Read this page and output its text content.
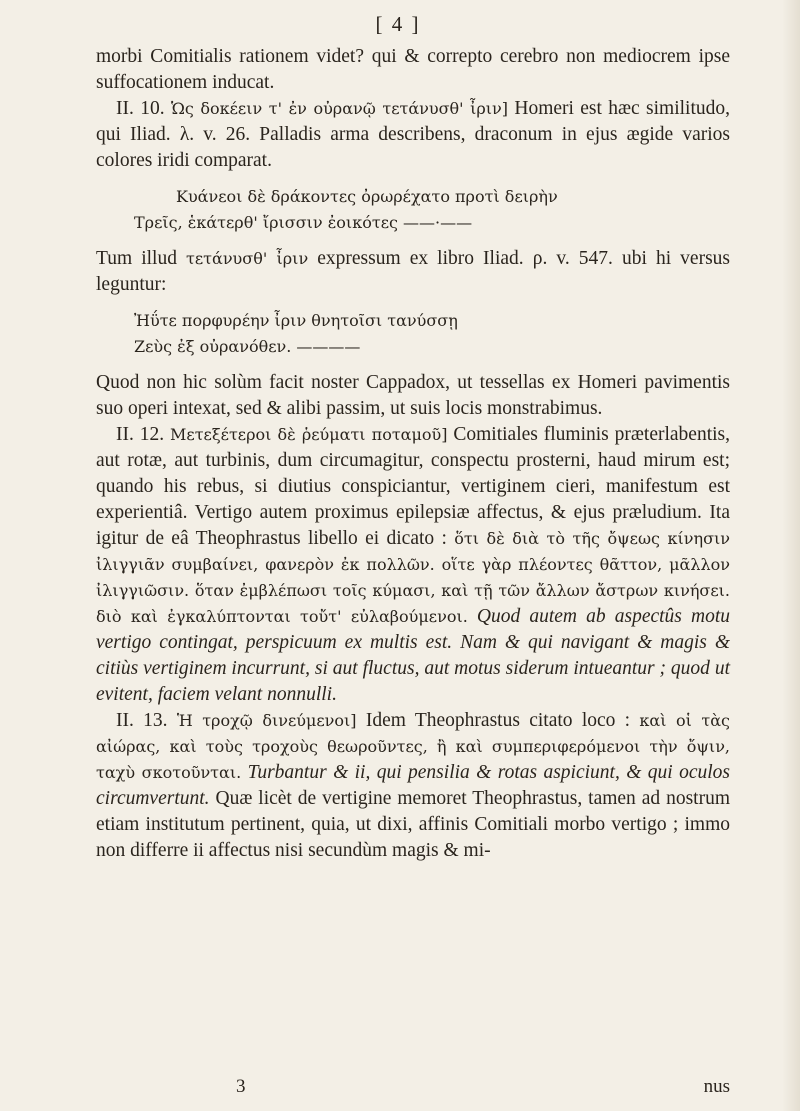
[ 4 ]

morbi Comitialis rationem videt? qui & correpto cerebro non mediocrem ipse suffocationem inducat.

II. 10. Ὡς δοκέειν τ' ἐν οὐρανῷ τετάνυσθ' ἶριν] Homeri est hæc similitudo, qui Iliad. λ. v. 26. Palladis arma describens, draconum in ejus ægide varios colores iridi comparat.

Κυάνεοι δὲ δράκοντες ὀρωρέχατο προτὶ δειρὴν

Τρεῖς, ἑκάτερθ' ἴρισσιν ἐοικότες ——·——

Tum illud τετάνυσθ' ἶριν expressum ex libro Iliad. ρ. v. 547. ubi hi versus leguntur:

Ἠΰτε πορφυρέην ἶριν θνητοῖσι τανύσσῃ

Ζεὺς ἐξ οὐρανόθεν. ————

Quod non hic solùm facit noster Cappadox, ut tessellas ex Homeri pavimentis suo operi intexat, sed & alibi passim, ut suis locis monstrabimus.

II. 12. Μετεξέτεροι δὲ ῥεύματι ποταμοῦ] Comitiales fluminis præterlabentis, aut rotæ, aut turbinis, dum circumagitur, conspectu prosterni, haud mirum est; quando his rebus, si diutius conspiciantur, vertiginem cieri, manifestum est experientiâ. Vertigo autem proximus epilepsiæ affectus, & ejus præludium. Ita igitur de eâ Theophrastus libello ei dicato : ὅτι δὲ διὰ τὸ τῆς ὄψεως κίνησιν ἰλιγγιᾶν συμβαίνει, φανερὸν ἐκ πολλῶν. οἵτε γὰρ πλέοντες θᾶττον, μᾶλλον ἰλιγγιῶσιν. ὅταν ἐμβλέπωσι τοῖς κύμασι, καὶ τῇ τῶν ἄλλων ἄστρων κινήσει. διὸ καὶ ἐγκαλύπτονται τοὔτ' εὐλαβούμενοι. Quod autem ab aspectûs motu vertigo contingat, perspicuum ex multis est. Nam & qui navigant & magis & citiùs vertiginem incurrunt, si aut fluctus, aut motus siderum intueantur ; quod ut evitent, faciem velant nonnulli.

II. 13. Ἡ τροχῷ δινεύμενοι] Idem Theophrastus citato loco : καὶ οἱ τὰς αἰώρας, καὶ τοὺς τροχοὺς θεωροῦντες, ἢ καὶ συμπεριφερόμενοι τὴν ὄψιν, ταχὺ σκοτοῦνται. Turbantur & ii, qui pensilia & rotas aspiciunt, & qui oculos circumvertunt. Quæ licèt de vertigine memoret Theophrastus, tamen ad nostrum etiam institutum pertinent, quia, ut dixi, affinis Comitiali morbo vertigo ; immo non differre ii affectus nisi secundùm magis & mi-

3	nus
